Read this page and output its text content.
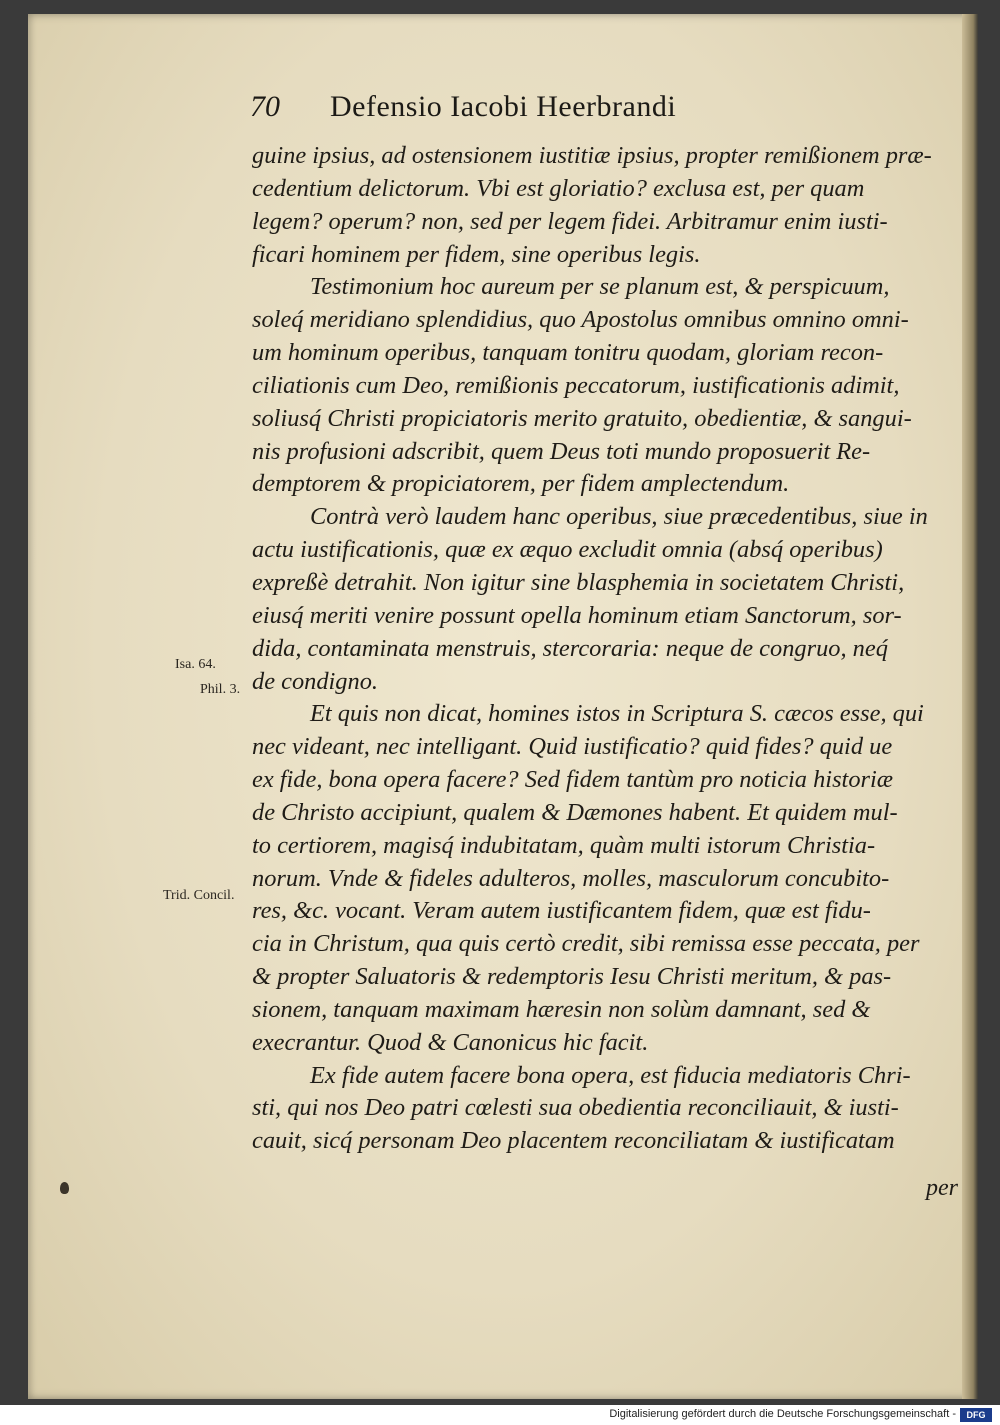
70 Defensio Iacobi Heerbrandi
guine ipsius, ad ostensionem iustitiæ ipsius, propter remißionem præ-
cedentium delictorum. Vbi est gloriatio? exclusa est, per quam
legem? operum? non, sed per legem fidei. Arbitramur enim iusti-
ficari hominem per fidem, sine operibus legis.
Testimonium hoc aureum per se planum est, & perspicuum,
soleq́ meridiano splendidius, quo Apostolus omnibus omnino omni-
um hominum operibus, tanquam tonitru quodam, gloriam recon-
ciliationis cum Deo, remißionis peccatorum, iustificationis adimit,
soliusq́ Christi propiciatoris merito gratuito, obedientiæ, & sangui-
nis profusioni adscribit, quem Deus toti mundo proposuerit Re-
demptorem & propiciatorem, per fidem amplectendum.
Contrà verò laudem hanc operibus, siue præcedentibus, siue in
actu iustificationis, quæ ex æquo excludit omnia (absq́ operibus)
expreßè detrahit. Non igitur sine blasphemia in societatem Christi,
eiusq́ meriti venire possunt opella hominum etiam Sanctorum, sor-
dida, contaminata menstruis, stercoraria: neque de congruo, neq́
de condigno.
Et quis non dicat, homines istos in Scriptura S. cæcos esse, qui
nec videant, nec intelligant. Quid iustificatio? quid fides? quid ue
ex fide, bona opera facere? Sed fidem tantùm pro noticia historiæ
de Christo accipiunt, qualem & Dæmones habent. Et quidem mul-
to certiorem, magisq́ indubitatam, quàm multi istorum Christia-
norum. Vnde & fideles adulteros, molles, masculorum concubito-
res, &c. vocant. Veram autem iustificantem fidem, quæ est fidu-
cia in Christum, qua quis certò credit, sibi remissa esse peccata, per
& propter Saluatoris & redemptoris Iesu Christi meritum, & pas-
sionem, tanquam maximam hæresin non solùm damnant, sed &
execrantur. Quod & Canonicus hic facit.
Ex fide autem facere bona opera, est fiducia mediatoris Chri-
sti, qui nos Deo patri cœlesti sua obedientia reconciliauit, & iusti-
cauit, sicq́ personam Deo placentem reconciliatam & iustificatam
Isa. 64.
Phil. 3.
Trid. Concil.
per
Digitalisierung gefördert durch die Deutsche Forschungsgemeinschaft -	DFG
